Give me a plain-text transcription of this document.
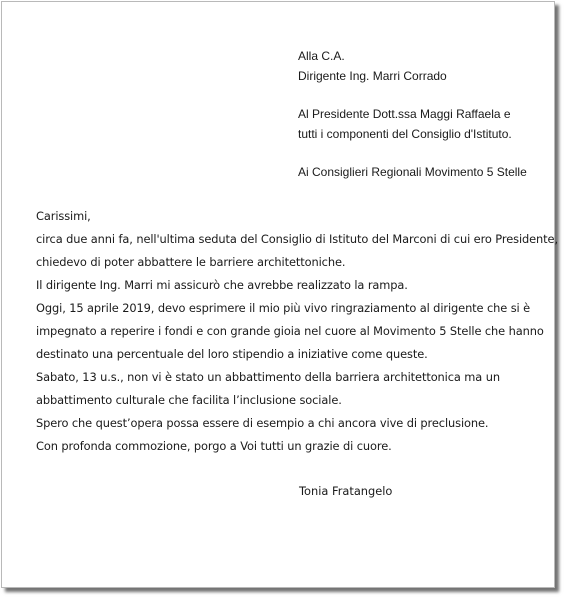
Alla C.A.
Dirigente Ing. Marri Corrado
Al Presidente Dott.ssa Maggi Raffaela e
tutti i componenti del Consiglio d'Istituto.
Ai Consiglieri Regionali Movimento 5 Stelle
Carissimi,
circa due anni fa, nell'ultima seduta del Consiglio di Istituto del Marconi di cui ero Presidente,
chiedevo di poter abbattere le barriere architettoniche.
Il dirigente Ing. Marri mi assicurò che avrebbe realizzato la rampa.
Oggi, 15 aprile 2019, devo esprimere il mio più vivo ringraziamento al dirigente che si è
impegnato a reperire i fondi e con grande gioia nel cuore al Movimento 5 Stelle che hanno
destinato una percentuale del loro stipendio a iniziative come queste.
Sabato, 13 u.s., non vi è stato un abbattimento della barriera architettonica ma un
abbattimento culturale che facilita l’inclusione sociale.
Spero che quest’opera possa essere di esempio a chi ancora vive di preclusione.
Con profonda commozione, porgo a Voi tutti un grazie di cuore.
Tonia Fratangelo
